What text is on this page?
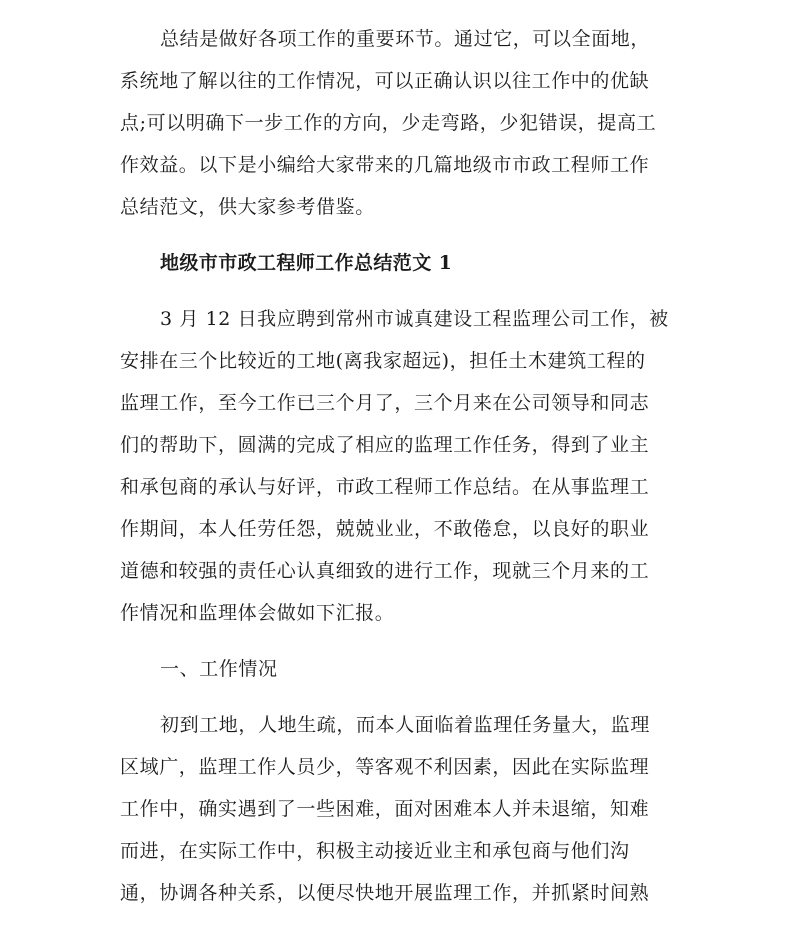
总结是做好各项工作的重要环节。通过它，可以全面地，
系统地了解以往的工作情况，可以正确认识以往工作中的优缺
点;可以明确下一步工作的方向，少走弯路，少犯错误，提高工
作效益。以下是小编给大家带来的几篇地级市市政工程师工作
总结范文，供大家参考借鉴。
地级市市政工程师工作总结范文 1
3 月 12 日我应聘到常州市诚真建设工程监理公司工作，被
安排在三个比较近的工地(离我家超远)，担任土木建筑工程的
监理工作，至今工作已三个月了，三个月来在公司领导和同志
们的帮助下，圆满的完成了相应的监理工作任务，得到了业主
和承包商的承认与好评，市政工程师工作总结。在从事监理工
作期间，本人任劳任怨，兢兢业业，不敢倦怠，以良好的职业
道德和较强的责任心认真细致的进行工作，现就三个月来的工
作情况和监理体会做如下汇报。
一、工作情况
初到工地，人地生疏，而本人面临着监理任务量大，监理
区域广，监理工作人员少，等客观不利因素，因此在实际监理
工作中，确实遇到了一些困难，面对困难本人并未退缩，知难
而进，在实际工作中，积极主动接近业主和承包商与他们沟
通，协调各种关系，以便尽快地开展监理工作，并抓紧时间熟
